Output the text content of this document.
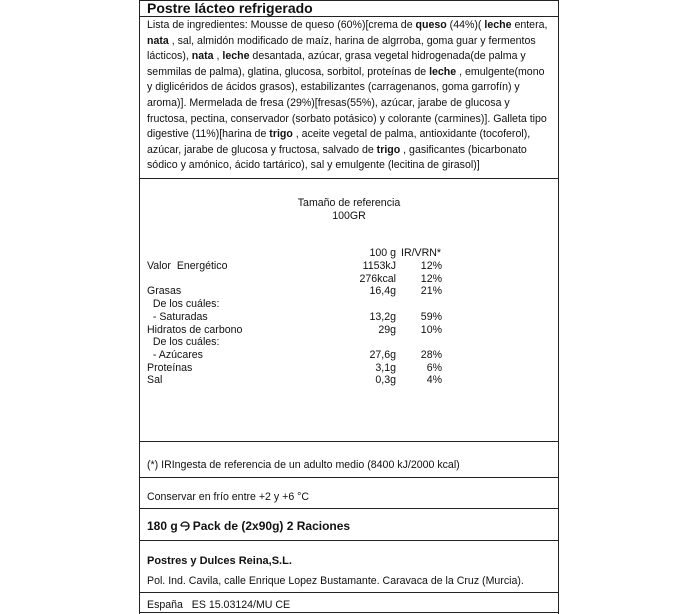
Postre lácteo refrigerado
Lista de ingredientes: Mousse de queso (60%)[crema de queso (44%)( leche entera, nata , sal, almidón modificado de maíz, harina de algrroba, goma guar y fermentos lácticos), nata , leche desantada, azúcar, grasa vegetal hidrogenada(de palma y semmilas de palma), glatina, glucosa, sorbitol, proteínas de leche , emulgente(mono y diglicéridos de ácidos grasos), estabilizantes (carragenanos, goma garrofín) y aroma)]. Mermelada de fresa (29%)[fresas(55%), azúcar, jarabe de glucosa y fructosa, pectina, conservador (sorbato potásico) y colorante (carmines)]. Galleta tipo digestive (11%)[harina de trigo , aceite vegetal de palma, antioxidante (tocoferol), azúcar, jarabe de glucosa y fructosa, salvado de trigo , gasificantes (bicarbonato sódico y amónico, ácido tartárico), sal y emulgente (lecitina de girasol)]
Tamaño de referencia
100GR
100 g IR/VRN*
Valor  Energético	1153kJ	12%
276kcal	12%
Grasas	16,4g	21%
De los cuáles:
- Saturadas	13,2g	59%
Hidratos de carbono	29g	10%
De los cuáles:
- Azúcares	27,6g	28%
Proteínas	3,1g	6%
Sal	0,3g	4%
(*) IRIngesta de referencia de un adulto medio (8400 kJ/2000 kcal)
Conservar en frío entre +2 y +6 °C
180 g Pack de (2x90g) 2 Raciones
Postres y Dulces Reina,S.L.
Pol. Ind. Cavila, calle Enrique Lopez Bustamante. Caravaca de la Cruz (Murcia).
España   ES 15.03124/MU CE
